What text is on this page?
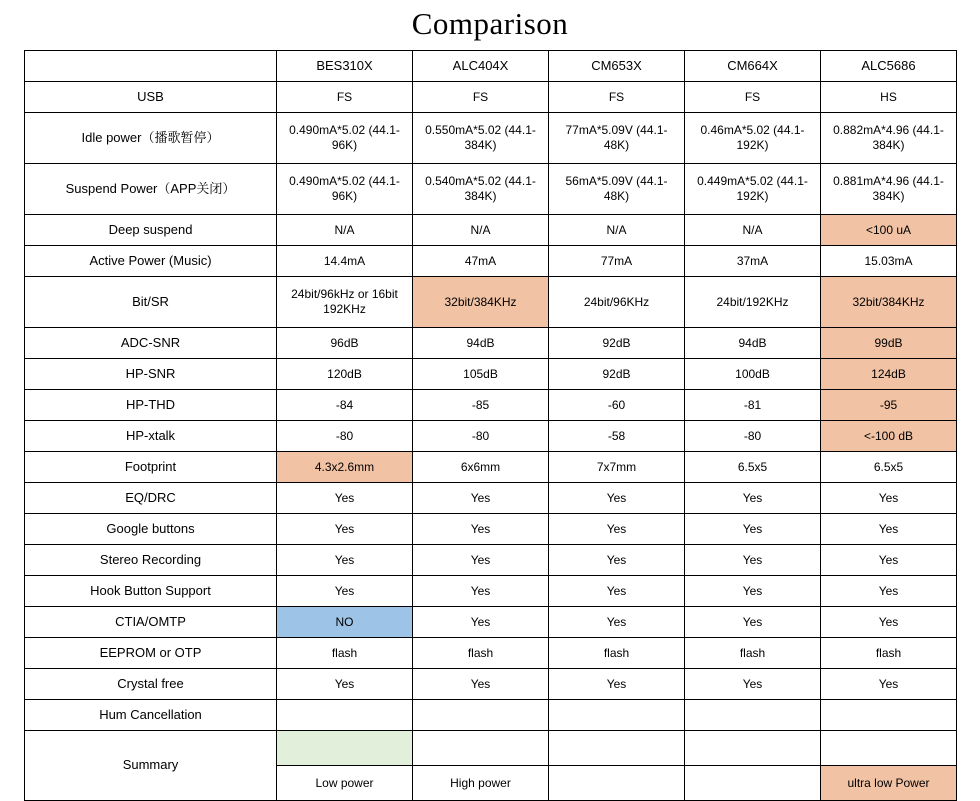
Comparison
	BES310X	ALC404X	CM653X	CM664X	ALC5686
USB	FS	FS	FS	FS	HS
Idle power（播歌暂停）	0.490mA*5.02 (44.1-96K)	0.550mA*5.02 (44.1-384K)	77mA*5.09V (44.1-48K)	0.46mA*5.02 (44.1-192K)	0.882mA*4.96 (44.1-384K)
Suspend Power（APP关闭）	0.490mA*5.02 (44.1-96K)	0.540mA*5.02 (44.1-384K)	56mA*5.09V (44.1-48K)	0.449mA*5.02 (44.1-192K)	0.881mA*4.96 (44.1-384K)
Deep suspend	N/A	N/A	N/A	N/A	<100 uA
Active Power (Music)	14.4mA	47mA	77mA	37mA	15.03mA
Bit/SR	24bit/96kHz or 16bit 192KHz	32bit/384KHz	24bit/96KHz	24bit/192KHz	32bit/384KHz
ADC-SNR	96dB	94dB	92dB	94dB	99dB
HP-SNR	120dB	105dB	92dB	100dB	124dB
HP-THD	-84	-85	-60	-81	-95
HP-xtalk	-80	-80	-58	-80	<-100 dB
Footprint	4.3x2.6mm	6x6mm	7x7mm	6.5x5	6.5x5
EQ/DRC	Yes	Yes	Yes	Yes	Yes
Google buttons	Yes	Yes	Yes	Yes	Yes
Stereo Recording	Yes	Yes	Yes	Yes	Yes
Hook Button Support	Yes	Yes	Yes	Yes	Yes
CTIA/OMTP	NO	Yes	Yes	Yes	Yes
EEPROM or OTP	flash	flash	flash	flash	flash
Crystal free	Yes	Yes	Yes	Yes	Yes
Hum Cancellation					
Summary					
	Low power	High power			ultra low Power
